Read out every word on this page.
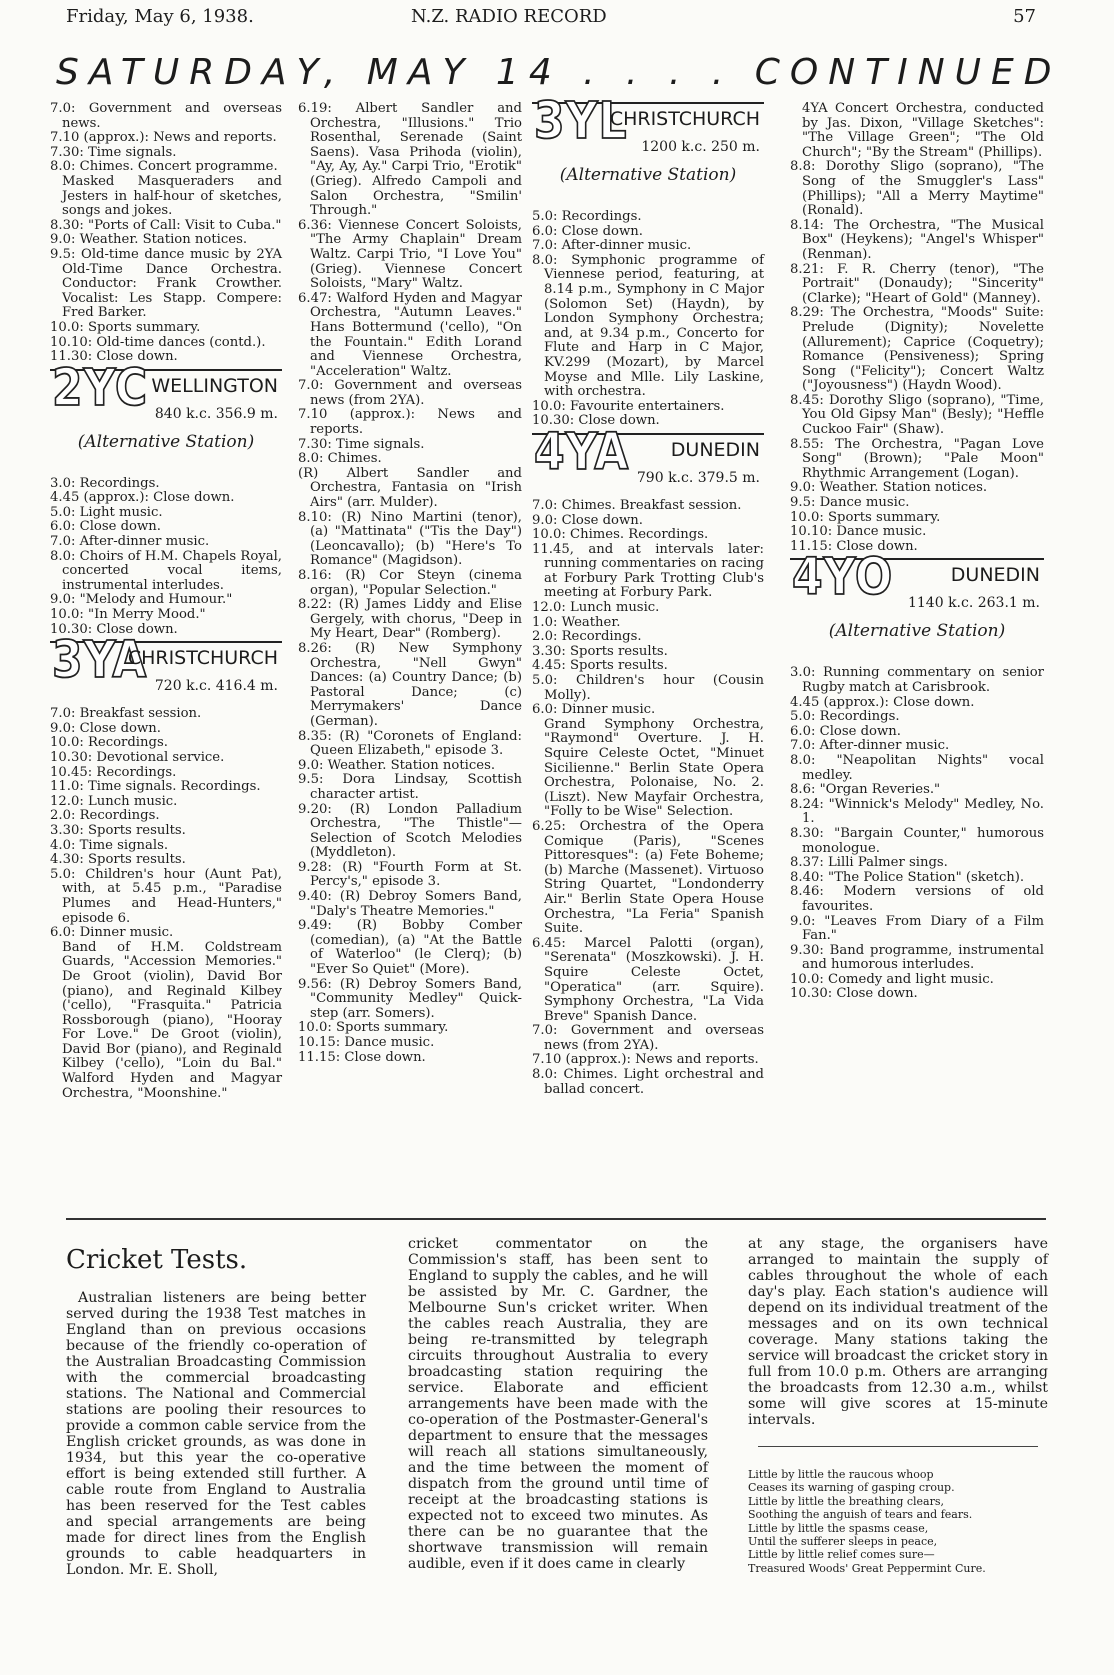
Friday, May 6, 1938.	N.Z. RADIO RECORD	57
SATURDAY, MAY 14 . . . . CONTINUED

7.0: Government and overseas news.

7.10 (approx.): News and reports.

7.30: Time signals.

8.0: Chimes. Concert programme.

Masked Masqueraders and Jesters in half-hour of sketches, songs and jokes.

8.30: "Ports of Call: Visit to Cuba."

9.0: Weather. Station notices.

9.5: Old-time dance music by 2YA Old-Time Dance Orchestra. Conductor: Frank Crowther. Vocalist: Les Stapp. Compere: Fred Barker.

10.0: Sports summary.

10.10: Old-time dances (contd.).

11.30: Close down.

2YC WELLINGTON
840 k.c. 356.9 m.
(Alternative Station)

3.0: Recordings.

4.45 (approx.): Close down.

5.0: Light music.

6.0: Close down.

7.0: After-dinner music.

8.0: Choirs of H.M. Chapels Royal, concerted vocal items, instrumental interludes.

9.0: "Melody and Humour."

10.0: "In Merry Mood."

10.30: Close down.

3YA
CHRISTCHURCH
720 k.c. 416.4 m.

7.0: Breakfast session.

9.0: Close down.

10.0: Recordings.

10.30: Devotional service.

10.45: Recordings.

11.0: Time signals. Recordings.

12.0: Lunch music.

2.0: Recordings.

3.30: Sports results.

4.0: Time signals.

4.30: Sports results.

5.0: Children's hour (Aunt Pat), with, at 5.45 p.m., "Paradise Plumes and Head-Hunters," episode 6.

6.0: Dinner music.

Band of H.M. Coldstream Guards, "Accession Memories." De Groot (violin), David Bor (piano), and Reginald Kilbey ('cello), "Frasquita." Patricia Rossborough (piano), "Hooray For Love." De Groot (violin), David Bor (piano), and Reginald Kilbey ('cello), "Loin du Bal." Walford Hyden and Magyar Orchestra, "Moonshine."

6.19: Albert Sandler and Orchestra, "Illusions." Trio Rosenthal, Serenade (Saint Saens). Vasa Prihoda (violin), "Ay, Ay, Ay." Carpi Trio, "Erotik" (Grieg). Alfredo Campoli and Salon Orchestra, "Smilin' Through."

6.36: Viennese Concert Soloists, "The Army Chaplain" Dream Waltz. Carpi Trio, "I Love You" (Grieg). Viennese Concert Soloists, "Mary" Waltz.

6.47: Walford Hyden and Magyar Orchestra, "Autumn Leaves." Hans Bottermund ('cello), "On the Fountain." Edith Lorand and Viennese Orchestra, "Acceleration" Waltz.

7.0: Government and overseas news (from 2YA).

7.10 (approx.): News and reports.

7.30: Time signals.

8.0: Chimes.

(R) Albert Sandler and Orchestra, Fantasia on "Irish Airs" (arr. Mulder).

8.10: (R) Nino Martini (tenor), (a) "Mattinata" ("Tis the Day") (Leoncavallo); (b) "Here's To Romance" (Magidson).

8.16: (R) Cor Steyn (cinema organ), "Popular Selection."

8.22: (R) James Liddy and Elise Gergely, with chorus, "Deep in My Heart, Dear" (Romberg).

8.26: (R) New Symphony Orchestra, "Nell Gwyn" Dances: (a) Country Dance; (b) Pastoral Dance; (c) Merrymakers' Dance (German).

8.35: (R) "Coronets of England: Queen Elizabeth," episode 3.

9.0: Weather. Station notices.

9.5: Dora Lindsay, Scottish character artist.

9.20: (R) London Palladium Orchestra, "The Thistle"—Selection of Scotch Melodies (Myddleton).

9.28: (R) "Fourth Form at St. Percy's," episode 3.

9.40: (R) Debroy Somers Band, "Daly's Theatre Memories."

9.49: (R) Bobby Comber (comedian), (a) "At the Battle of Waterloo" (le Clerq); (b) "Ever So Quiet" (More).

9.56: (R) Debroy Somers Band, "Community Medley" Quick-step (arr. Somers).

10.0: Sports summary.

10.15: Dance music.

11.15: Close down.

3YL
CHRISTCHURCH
1200 k.c. 250 m.
(Alternative Station)

5.0: Recordings.

6.0: Close down.

7.0: After-dinner music.

8.0: Symphonic programme of Viennese period, featuring, at 8.14 p.m., Symphony in C Major (Solomon Set) (Haydn), by London Symphony Orchestra; and, at 9.34 p.m., Concerto for Flute and Harp in C Major, KV.299 (Mozart), by Marcel Moyse and Mlle. Lily Laskine, with orchestra.

10.0: Favourite entertainers.

10.30: Close down.

4YA DUNEDIN
790 k.c. 379.5 m.

7.0: Chimes. Breakfast session.

9.0: Close down.

10.0: Chimes. Recordings.

11.45, and at intervals later: running commentaries on racing at Forbury Park Trotting Club's meeting at Forbury Park.

12.0: Lunch music.

1.0: Weather.

2.0: Recordings.

3.30: Sports results.

4.45: Sports results.

5.0: Children's hour (Cousin Molly).

6.0: Dinner music.

Grand Symphony Orchestra, "Raymond" Overture. J. H. Squire Celeste Octet, "Minuet Sicilienne." Berlin State Opera Orchestra, Polonaise, No. 2. (Liszt). New Mayfair Orchestra, "Folly to be Wise" Selection.

6.25: Orchestra of the Opera Comique (Paris), "Scenes Pittoresques": (a) Fete Boheme; (b) Marche (Massenet). Virtuoso String Quartet, "Londonderry Air." Berlin State Opera House Orchestra, "La Feria" Spanish Suite.

6.45: Marcel Palotti (organ), "Serenata" (Moszkowski). J. H. Squire Celeste Octet, "Operatica" (arr. Squire). Symphony Orchestra, "La Vida Breve" Spanish Dance.

7.0: Government and overseas news (from 2YA).

7.10 (approx.): News and reports.

8.0: Chimes. Light orchestral and ballad concert.

4YA Concert Orchestra, conducted by Jas. Dixon, "Village Sketches": "The Village Green"; "The Old Church"; "By the Stream" (Phillips).

8.8: Dorothy Sligo (soprano), "The Song of the Smuggler's Lass" (Phillips); "All a Merry Maytime" (Ronald).

8.14: The Orchestra, "The Musical Box" (Heykens); "Angel's Whisper" (Renman).

8.21: F. R. Cherry (tenor), "The Portrait" (Donaudy); "Sincerity" (Clarke); "Heart of Gold" (Manney).

8.29: The Orchestra, "Moods" Suite: Prelude (Dignity); Novelette (Allurement); Caprice (Coquetry); Romance (Pensiveness); Spring Song ("Felicity"); Concert Waltz ("Joyousness") (Haydn Wood).

8.45: Dorothy Sligo (soprano), "Time, You Old Gipsy Man" (Besly); "Heffle Cuckoo Fair" (Shaw).

8.55: The Orchestra, "Pagan Love Song" (Brown); "Pale Moon" Rhythmic Arrangement (Logan).

9.0: Weather. Station notices.

9.5: Dance music.

10.0: Sports summary.

10.10: Dance music.

11.15: Close down.

4YO	DUNEDIN
1140 k.c. 263.1 m.
(Alternative Station)

3.0: Running commentary on senior Rugby match at Carisbrook.

4.45 (approx.): Close down.

5.0: Recordings.

6.0: Close down.

7.0: After-dinner music.

8.0: "Neapolitan Nights" vocal medley.

8.6: "Organ Reveries."

8.24: "Winnick's Melody" Medley, No. 1.

8.30: "Bargain Counter," humorous monologue.

8.37: Lilli Palmer sings.

8.40: "The Police Station" (sketch).

8.46: Modern versions of old favourites.

9.0: "Leaves From Diary of a Film Fan."

9.30: Band programme, instrumental and humorous interludes.

10.0: Comedy and light music.

10.30: Close down.

Cricket Tests.

Australian listeners are being better served during the 1938 Test matches in England than on previous occasions because of the friendly co-operation of the Australian Broadcasting Commission with the commercial broadcasting stations. The National and Commercial stations are pooling their resources to provide a common cable service from the English cricket grounds, as was done in 1934, but this year the co-operative effort is being extended still further. A cable route from England to Australia has been reserved for the Test cables and special arrangements are being made for direct lines from the English grounds to cable headquarters in London. Mr. E. Sholl,

cricket commentator on the Commission's staff, has been sent to England to supply the cables, and he will be assisted by Mr. C. Gardner, the Melbourne Sun's cricket writer. When the cables reach Australia, they are being re-transmitted by telegraph circuits throughout Australia to every broadcasting station requiring the service. Elaborate and efficient arrangements have been made with the co-operation of the Postmaster-General's department to ensure that the messages will reach all stations simultaneously, and the time between the moment of dispatch from the ground until time of receipt at the broadcasting stations is expected not to exceed two minutes. As there can be no guarantee that the shortwave transmission will remain audible, even if it does came in clearly

at any stage, the organisers have arranged to maintain the supply of cables throughout the whole of each day's play. Each station's audience will depend on its individual treatment of the messages and on its own technical coverage. Many stations taking the service will broadcast the cricket story in full from 10.0 p.m. Others are arranging the broadcasts from 12.30 a.m., whilst some will give scores at 15-minute intervals.

Little by little the raucous whoop
Ceases its warning of gasping croup.
Little by little the breathing clears,
Soothing the anguish of tears and fears.
Little by little the spasms cease,
Until the sufferer sleeps in peace,
Little by little relief comes sure—
Treasured Woods' Great Peppermint Cure.
